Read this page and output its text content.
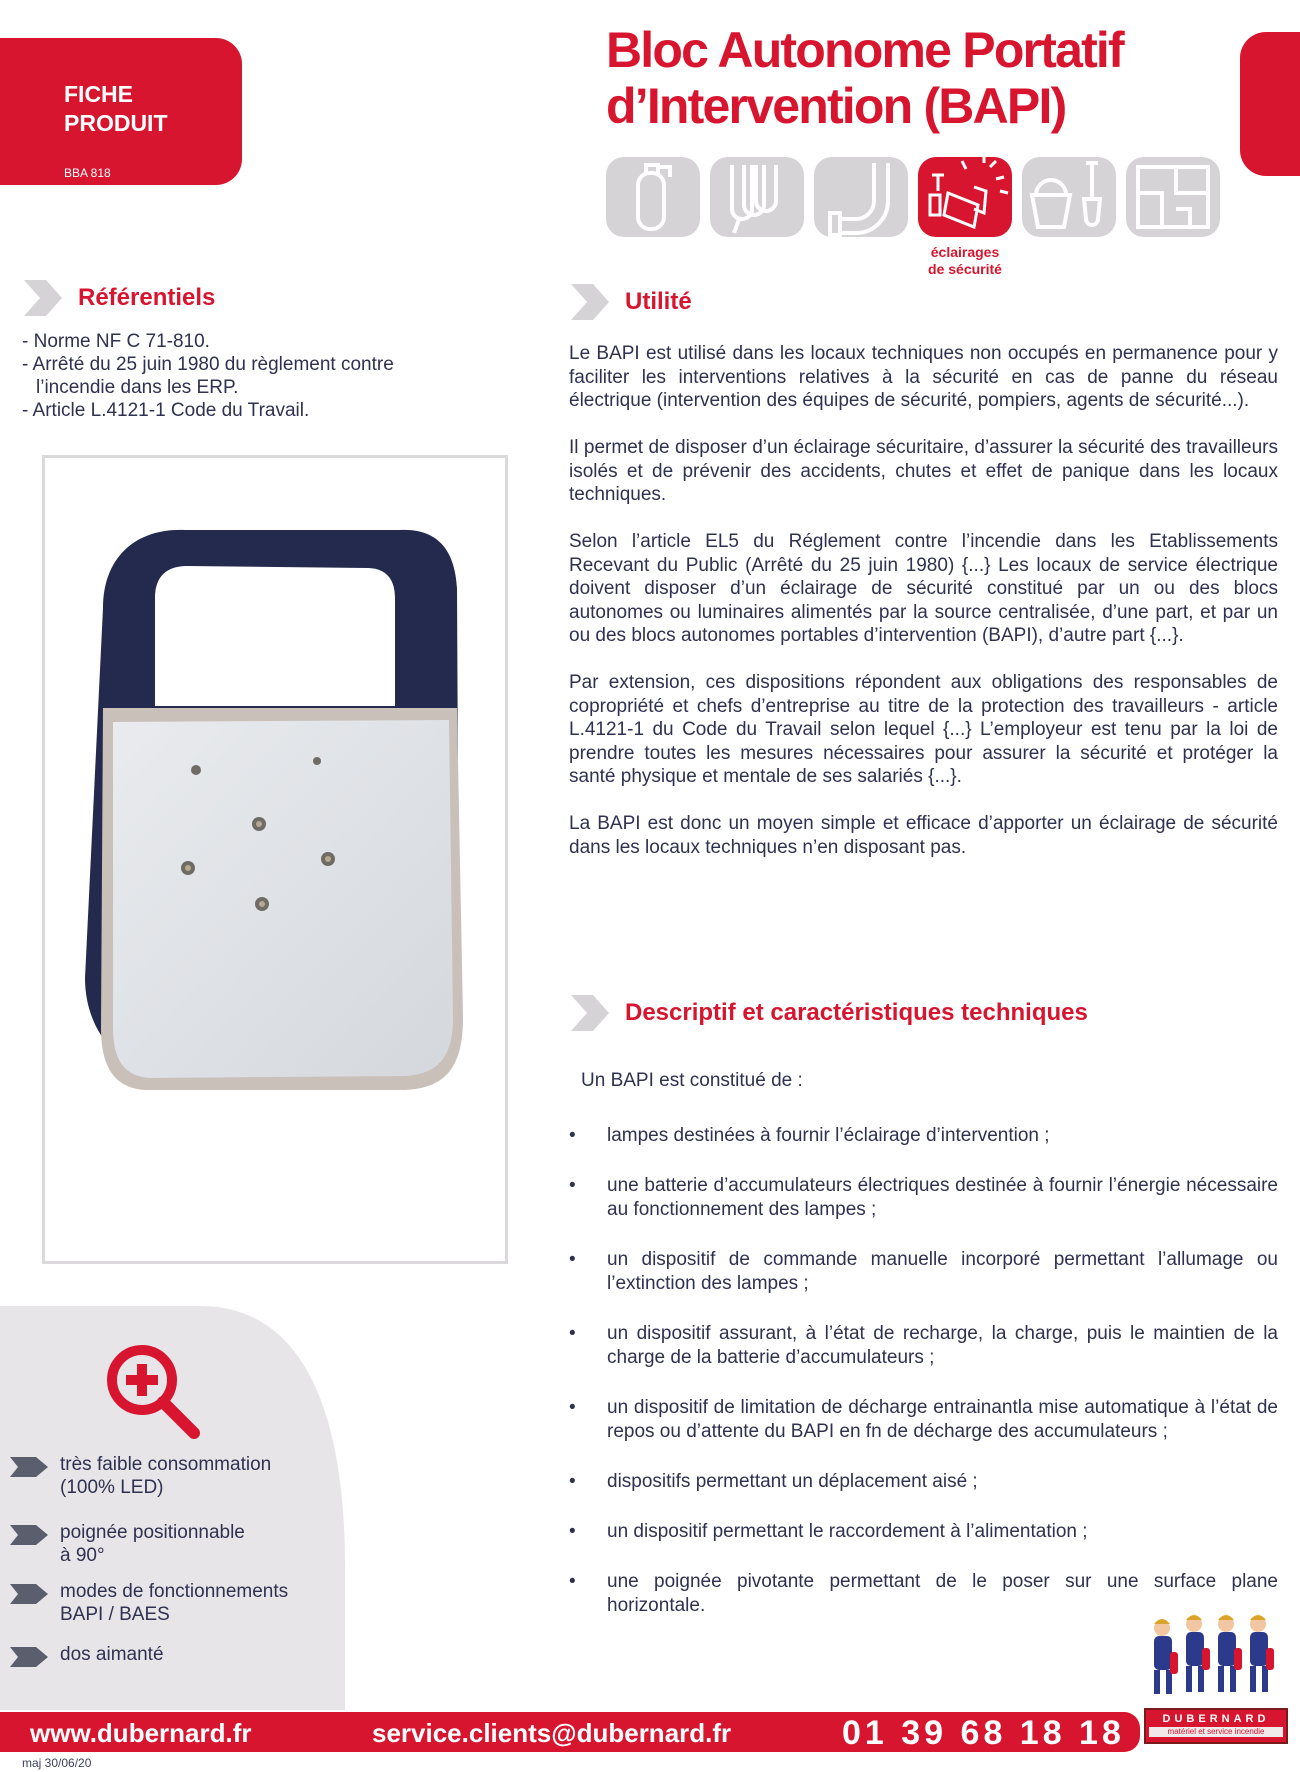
FICHE
PRODUIT
BBA 818
Bloc Autonome Portatif
d’Intervention (BAPI)
éclairages
de sécurité
Référentiels
- Norme NF C 71-810.
- Arrêté du 25 juin 1980 du règlement contre
l’incendie dans les ERP.
- Article L.4121-1 Code du Travail.
Utilité

Le BAPI est utilisé dans les locaux techniques non occupés en permanence pour y faciliter les interventions relatives à la sécurité en cas de panne du réseau électrique (intervention des équipes de sécurité, pompiers, agents de sécurité...).

Il permet de disposer d’un éclairage sécuritaire, d’assurer la sécurité des travailleurs isolés et de prévenir des accidents, chutes et effet de panique dans les locaux techniques.

Selon l’article EL5 du Réglement contre l’incendie dans les Etablissements Recevant du Public (Arrêté du 25 juin 1980) {...} Les locaux de service électrique doivent disposer d’un éclairage de sécurité constitué par un ou des blocs autonomes ou luminaires alimentés par la source centralisée, d’une part, et par un ou des blocs autonomes portables d’intervention (BAPI), d’autre part {...}.

Par extension, ces dispositions répondent aux obligations des responsables de copropriété et chefs d’entreprise au titre de la protection des travailleurs - article L.4121-1 du Code du Travail selon lequel {...} L’employeur est tenu par la loi de prendre toutes les mesures nécessaires pour assurer la sécurité et protéger la santé physique et mentale de ses salariés {...}.

La BAPI est donc un moyen simple et efficace d’apporter un éclairage de sécurité dans les locaux techniques n’en disposant pas.

Descriptif et caractéristiques techniques
Un BAPI est constitué de :
• lampes destinées à fournir l’éclairage d’intervention ;
• une batterie d’accumulateurs électriques destinée à fournir l’énergie nécessaire au fonctionnement des lampes ;
• un dispositif de commande manuelle incorporé permettant l’allumage ou l’extinction des lampes ;
• un dispositif assurant, à l’état de recharge, la charge, puis le maintien de la charge de la batterie d’accumulateurs ;
• un dispositif de limitation de décharge entrainantla mise automatique à l’état de repos ou d’attente du BAPI en fn de décharge des accumulateurs ;
• dispositifs permettant un déplacement aisé ;
• un dispositif permettant le raccordement à l’alimentation ;
• une poignée pivotante permettant de le poser sur une surface plane horizontale.
très faible consommation
(100% LED)
poignée positionnable
à 90°
modes de fonctionnements
BAPI / BAES
dos aimanté
DUBERNARD
matériel et service incendie
www.dubernard.fr	service.clients@dubernard.fr	01 39 68 18 18
maj 30/06/20
